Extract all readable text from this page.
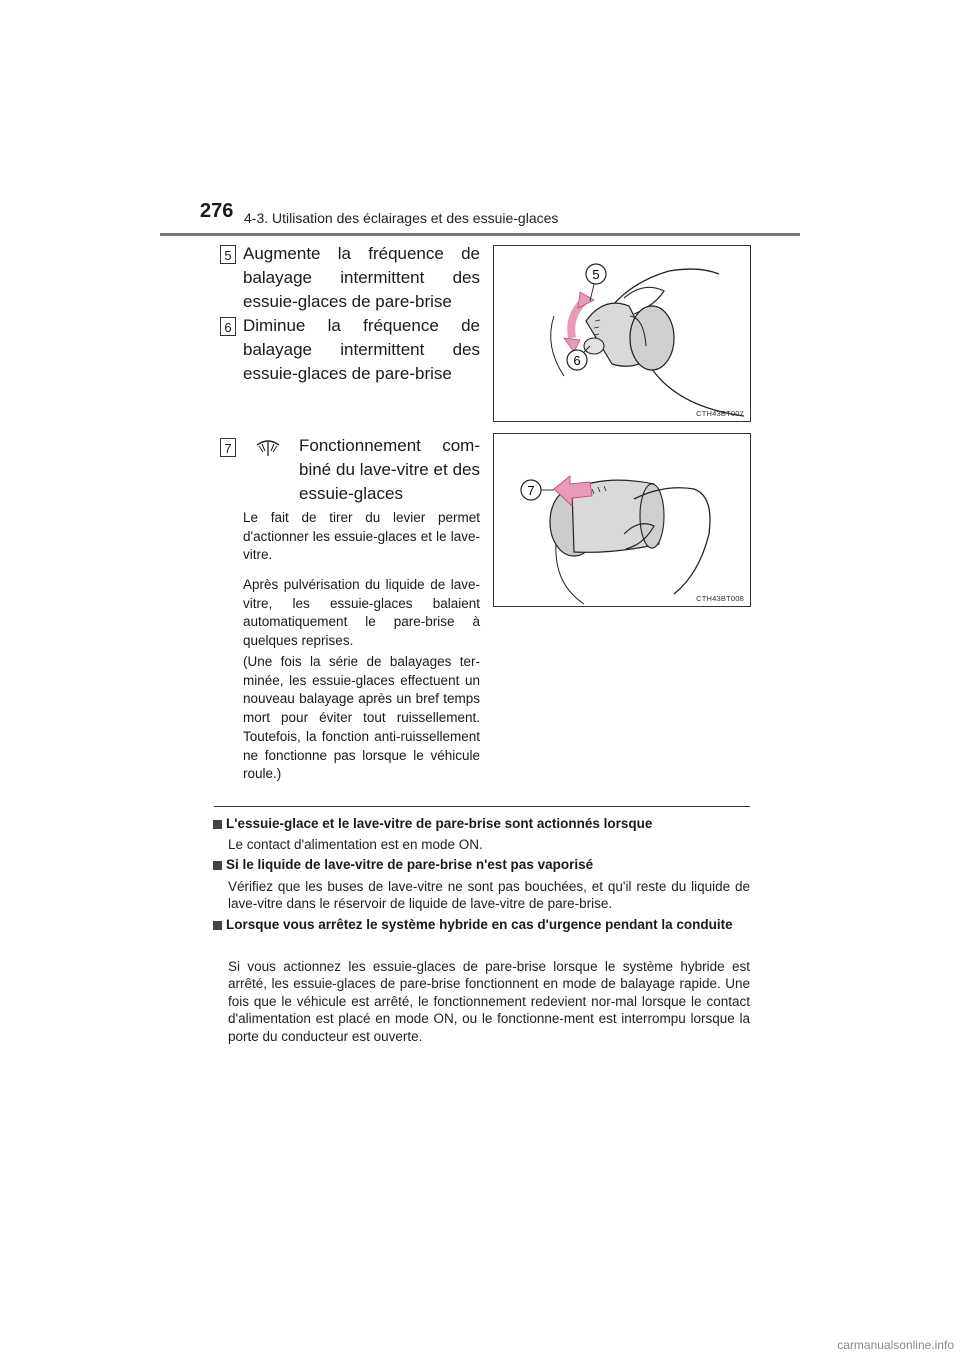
276 4-3. Utilisation des éclairages et des essuie-glaces
5 Augmente la fréquence de balayage intermittent des essuie-glaces de pare-brise
6 Diminue la fréquence de balayage intermittent des essuie-glaces de pare-brise
7	Fonctionnement com-biné du lave-vitre et des essuie-glaces
Le fait de tirer du levier permet d'actionner les essuie-glaces et le lave-vitre.
Après pulvérisation du liquide de lave-vitre, les essuie-glaces balaient automatiquement le pare-brise à quelques reprises.
(Une fois la série de balayages ter-minée, les essuie-glaces effectuent un nouveau balayage après un bref temps mort pour éviter tout ruissellement. Toutefois, la fonction anti-ruissellement ne fonctionne pas lorsque le véhicule roule.)
5
6
CTH43BT007
7
CTH43BT008
L'essuie-glace et le lave-vitre de pare-brise sont actionnés lorsque
Le contact d'alimentation est en mode ON.
Si le liquide de lave-vitre de pare-brise n'est pas vaporisé
Vérifiez que les buses de lave-vitre ne sont pas bouchées, et qu'il reste du liquide de lave-vitre dans le réservoir de liquide de lave-vitre de pare-brise.
Lorsque vous arrêtez le système hybride en cas d'urgence pendant la conduite
Si vous actionnez les essuie-glaces de pare-brise lorsque le système hybride est arrêté, les essuie-glaces de pare-brise fonctionnent en mode de balayage rapide. Une fois que le véhicule est arrêté, le fonctionnement redevient nor-mal lorsque le contact d'alimentation est placé en mode ON, ou le fonctionne-ment est interrompu lorsque la porte du conducteur est ouverte.
carmanualsonline.info
